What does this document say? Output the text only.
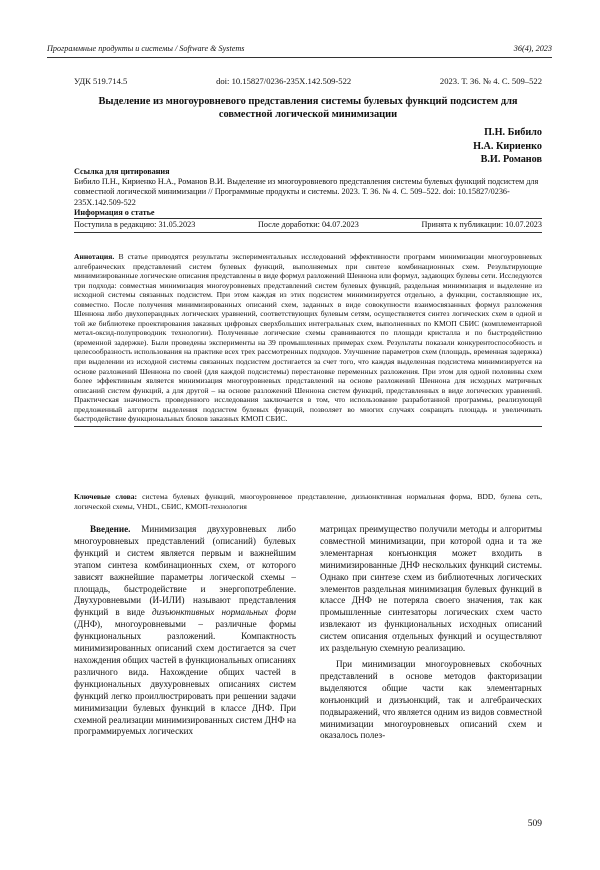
Программные продукты и системы / Software & Systems	36(4), 2023
УДК 519.714.5	doi: 10.15827/0236-235X.142.509-522	2023. Т. 36. № 4. С. 509–522
Выделение из многоуровневого представления системы булевых функций подсистем для совместной логической минимизации
П.Н. Бибило
Н.А. Кириенко
В.И. Романов
Ссылка для цитирования
Бибило П.Н., Кириенко Н.А., Романов В.И. Выделение из многоуровневого представления системы булевых функций подсистем для совместной логической минимизации // Программные продукты и системы. 2023. Т. 36. № 4. С. 509–522. doi: 10.15827/0236-235X.142.509-522
Информация о статье
Поступила в редакцию: 31.05.2023	После доработки: 04.07.2023	Принята к публикации: 10.07.2023
Аннотация. В статье приводятся результаты экспериментальных исследований эффективности программ минимизации многоуровневых алгебраических представлений систем булевых функций, выполняемых при синтезе комбинационных схем. Результирующие минимизированные логические описания представлены в виде формул разложений Шеннона или формул, задающих булевы сети. Исследуются три подхода: совместная минимизация многоуровневых представлений систем булевых функций, раздельная минимизация и выделение из исходной системы связанных подсистем. При этом каждая из этих подсистем минимизируется отдельно, а функции, составляющие их, совместно. После получения минимизированных описаний схем, заданных в виде совокупности взаимосвязанных формул разложения Шеннона либо двухоперандных логических уравнений, соответствующих булевым сетям, осуществляется синтез логических схем в одной и той же библиотеке проектирования заказных цифровых сверхбольших интегральных схем, выполненных по КМОП СБИС (комплементарной метал-оксид-полупроводник технологии). Полученные логические схемы сравниваются по площади кристалла и по быстродействию (временной задержке). Были проведены эксперименты на 39 промышленных примерах схем. Результаты показали конкурентоспособность и целесообразность использования на практике всех трех рассмотренных подходов. Улучшение параметров схем (площадь, временная задержка) при выделении из исходной системы связанных подсистем достигается за счет того, что каждая выделенная подсистема минимизируется на основе разложений Шеннона по своей (для каждой подсистемы) перестановке переменных разложения. При этом для одной половины схем более эффективным является минимизация многоуровневых представлений на основе разложений Шеннона для исходных матричных описаний систем функций, а для другой – на основе разложений Шеннона систем функций, представленных в виде логических уравнений. Практическая значимость проведенного исследования заключается в том, что использование разработанной программы, реализующей предложенный алгоритм выделения подсистем булевых функций, позволяет во многих случаях сокращать площадь и увеличивать быстродействие функциональных блоков заказных КМОП СБИС.
Ключевые слова: система булевых функций, многоуровневое представление, дизъюнктивная нормальная форма, BDD, булева сеть, логической схемы, VHDL, СБИС, КМОП-технология
Введение. Минимизация двухуровневых либо многоуровневых представлений (описаний) булевых функций и систем является первым и важнейшим этапом синтеза комбинационных схем, от которого зависят важнейшие параметры логической схемы – площадь, быстродействие и энергопотребление. Двухуровневыми (И-ИЛИ) называют представления функций в виде дизъюнктивных нормальных форм (ДНФ), многоуровневыми – различные формы функциональных разложений. Компактность минимизированных описаний схем достигается за счет нахождения общих частей в функциональных описаниях различного вида. Нахождение общих частей в функциональных двухуровневых описаниях систем функций легко проиллюстрировать при решении задачи минимизации булевых функций в классе ДНФ. При схемной реализации минимизированных систем ДНФ на программируемых логических

матрицах преимущество получили методы и алгоритмы совместной минимизации, при которой одна и та же элементарная конъюнкция может входить в минимизированные ДНФ нескольких функций системы. Однако при синтезе схем из библиотечных логических элементов раздельная минимизация булевых функций в классе ДНФ не потеряла своего значения, так как промышленные синтезаторы логических схем часто извлекают из функциональных исходных описаний систем описания отдельных функций и осуществляют их раздельную схемную реализацию.

При минимизации многоуровневых скобочных представлений в основе методов факторизации выделяются общие части как элементарных конъюнкций и дизъюнкций, так и алгебраических подвыражений, что является одним из видов совместной минимизации многоуровневых описаний схем и оказалось полез-

509
